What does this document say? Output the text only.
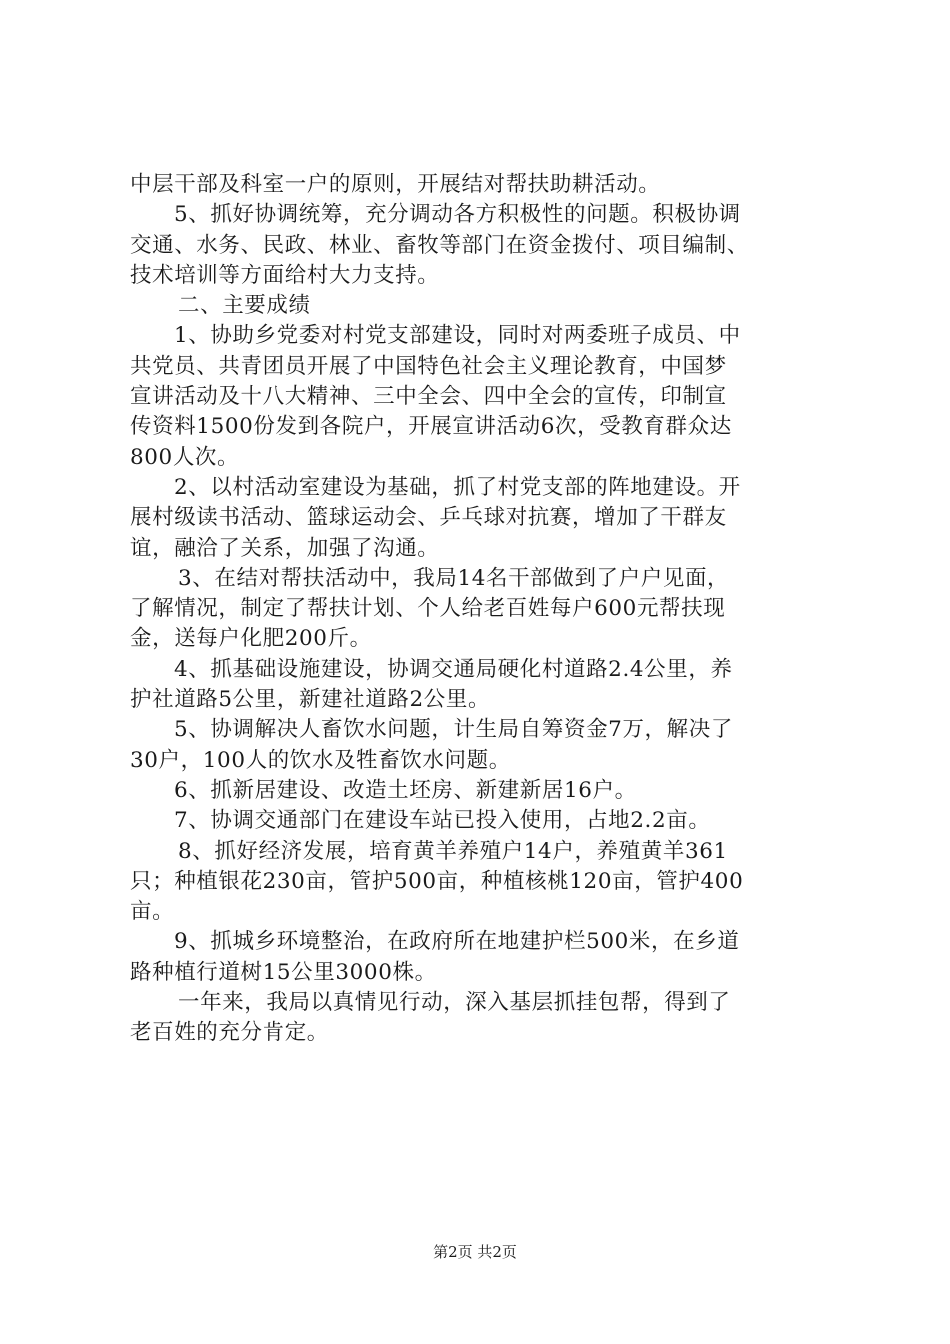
中层干部及科室一户的原则，开展结对帮扶助耕活动。
5、抓好协调统筹，充分调动各方积极性的问题。积极协调
交通、水务、民政、林业、畜牧等部门在资金拨付、项目编制、
技术培训等方面给村大力支持。
二、主要成绩
1、协助乡党委对村党支部建设，同时对两委班子成员、中
共党员、共青团员开展了中国特色社会主义理论教育，中国梦
宣讲活动及十八大精神、三中全会、四中全会的宣传，印制宣
传资料1500份发到各院户，开展宣讲活动6次，受教育群众达
800人次。
2、以村活动室建设为基础，抓了村党支部的阵地建设。开
展村级读书活动、篮球运动会、乒乓球对抗赛，增加了干群友
谊，融洽了关系，加强了沟通。
3、在结对帮扶活动中，我局14名干部做到了户户见面，
了解情况，制定了帮扶计划、个人给老百姓每户600元帮扶现
金，送每户化肥200斤。
4、抓基础设施建设，协调交通局硬化村道路2.4公里，养
护社道路5公里，新建社道路2公里。
5、协调解决人畜饮水问题，计生局自筹资金7万，解决了
30户，100人的饮水及牲畜饮水问题。
6、抓新居建设、改造土坯房、新建新居16户。
7、协调交通部门在建设车站已投入使用，占地2.2亩。
8、抓好经济发展，培育黄羊养殖户14户，养殖黄羊361
只；种植银花230亩，管护500亩，种植核桃120亩，管护400
亩。
9、抓城乡环境整治，在政府所在地建护栏500米，在乡道
路种植行道树15公里3000株。
一年来，我局以真情见行动，深入基层抓挂包帮，得到了
老百姓的充分肯定。
第2页 共2页
